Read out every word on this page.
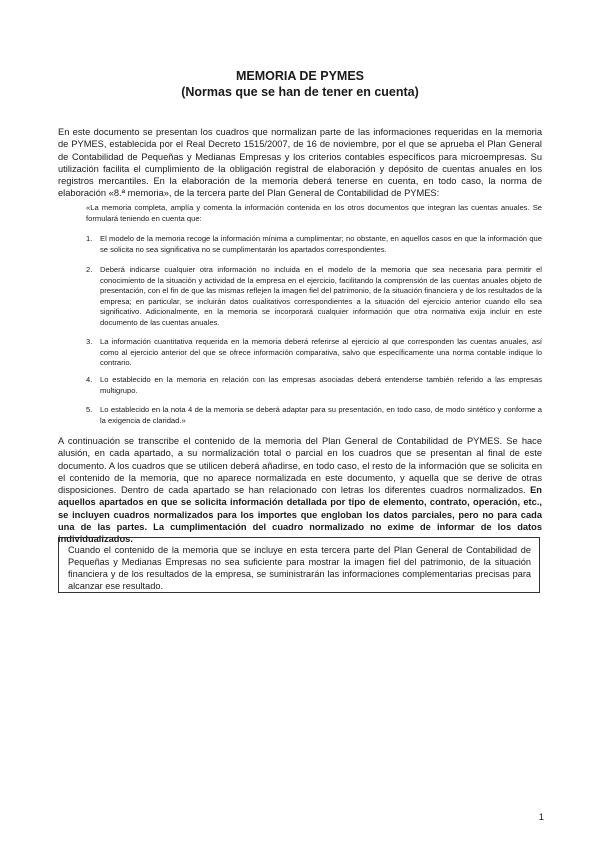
MEMORIA DE PYMES

(Normas que se han de tener en cuenta)

En este documento se presentan los cuadros que normalizan parte de las informaciones requeridas en la memoria de PYMES, establecida por el Real Decreto 1515/2007, de 16 de noviembre, por el que se aprueba el Plan General de Contabilidad de Pequeñas y Medianas Empresas y los criterios contables específicos para microempresas. Su utilización facilita el cumplimiento de la obligación registral de elaboración y depósito de cuentas anuales en los registros mercantiles. En la elaboración de la memoria deberá tenerse en cuenta, en todo caso, la norma de elaboración «8.ª memoria», de la tercera parte del Plan General de Contabilidad de PYMES:

«La memoria completa, amplía y comenta la información contenida en los otros documentos que integran las cuentas anuales. Se formulará teniendo en cuenta que:

1.	El modelo de la memoria recoge la información mínima a cumplimentar; no obstante, en aquellos casos en que la información que se solicita no sea significativa no se cumplimentarán los apartados correspondientes.
2.	Deberá indicarse cualquier otra información no incluida en el modelo de la memoria que sea necesaria para permitir el conocimiento de la situación y actividad de la empresa en el ejercicio, facilitando la comprensión de las cuentas anuales objeto de presentación, con el fin de que las mismas reflejen la imagen fiel del patrimonio, de la situación financiera y de los resultados de la empresa; en particular, se incluirán datos cualitativos correspondientes a la situación del ejercicio anterior cuando ello sea significativo. Adicionalmente, en la memoria se incorporará cualquier información que otra normativa exija incluir en este documento de las cuentas anuales.
3.	La información cuantitativa requerida en la memoria deberá referirse al ejercicio al que corresponden las cuentas anuales, así como al ejercicio anterior del que se ofrece información comparativa, salvo que específicamente una norma contable indique lo contrario.
4.	Lo establecido en la memoria en relación con las empresas asociadas deberá entenderse también referido a las empresas multigrupo.
5.	Lo establecido en la nota 4 de la memoria se deberá adaptar para su presentación, en todo caso, de modo sintético y conforme a la exigencia de claridad.»

A continuación se transcribe el contenido de la memoria del Plan General de Contabilidad de PYMES. Se hace alusión, en cada apartado, a su normalización total o parcial en los cuadros que se presentan al final de este documento. A los cuadros que se utilicen deberá añadirse, en todo caso, el resto de la información que se solicita en el contenido de la memoria, que no aparece normalizada en este documento, y aquella que se derive de otras disposiciones. Dentro de cada apartado se han relacionado con letras los diferentes cuadros normalizados. En aquellos apartados en que se solicita información detallada por tipo de elemento, contrato, operación, etc., se incluyen cuadros normalizados para los importes que engloban los datos parciales, pero no para cada una de las partes. La cumplimentación del cuadro normalizado no exime de informar de los datos individualizados.

Cuando el contenido de la memoria que se incluye en esta tercera parte del Plan General de Contabilidad de Pequeñas y Medianas Empresas no sea suficiente para mostrar la imagen fiel del patrimonio, de la situación financiera y de los resultados de la empresa, se suministrarán las informaciones complementarias precisas para alcanzar ese resultado.

1
